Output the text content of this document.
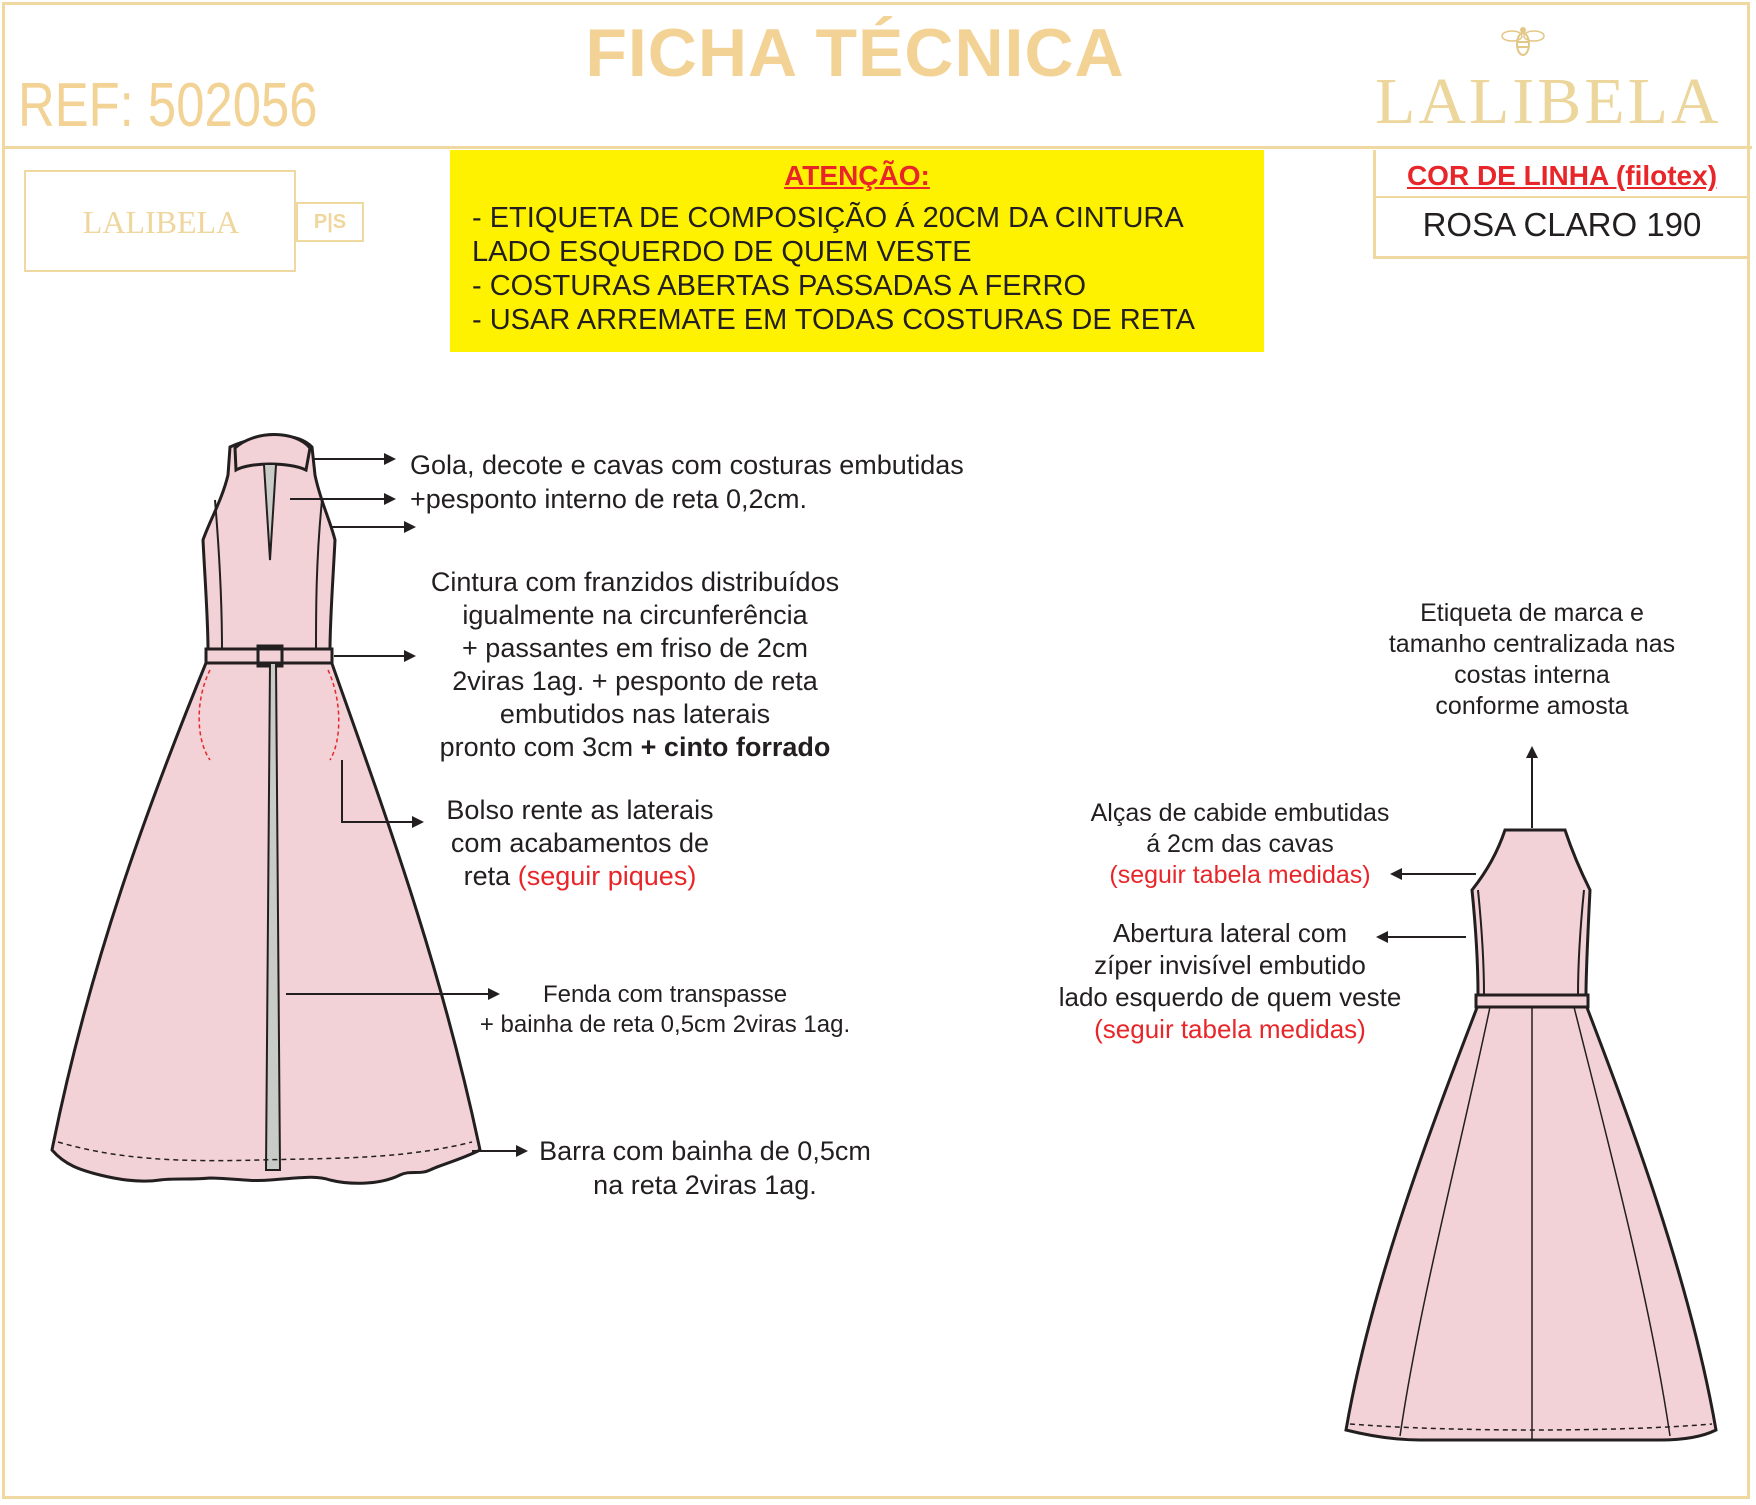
FICHA TÉCNICA
REF: 502056	LALIBELA
LALIBELA	P|S
ATENÇÃO:
- ETIQUETA DE COMPOSIÇÃO Á 20CM DA CINTURA
LADO ESQUERDO DE QUEM VESTE
- COSTURAS ABERTAS PASSADAS A FERRO
- USAR ARREMATE EM TODAS COSTURAS DE RETA
COR DE LINHA (filotex)
ROSA CLARO 190
Gola, decote e cavas com costuras embutidas
+pesponto interno de reta 0,2cm.
Cintura com franzidos distribuídos
igualmente na circunferência
+ passantes em friso de 2cm
2viras 1ag. + pesponto de reta
embutidos nas laterais
pronto com 3cm + cinto forrado
Bolso rente as laterais
com acabamentos de
reta (seguir piques)
Fenda com transpasse
+ bainha de reta 0,5cm 2viras 1ag.
Barra com bainha de 0,5cm
na reta 2viras 1ag.
Etiqueta de marca e
tamanho centralizada nas
costas interna
conforme amosta
Alças de cabide embutidas
á 2cm das cavas
(seguir tabela medidas)
Abertura lateral com
zíper invisível embutido
lado esquerdo de quem veste
(seguir tabela medidas)
